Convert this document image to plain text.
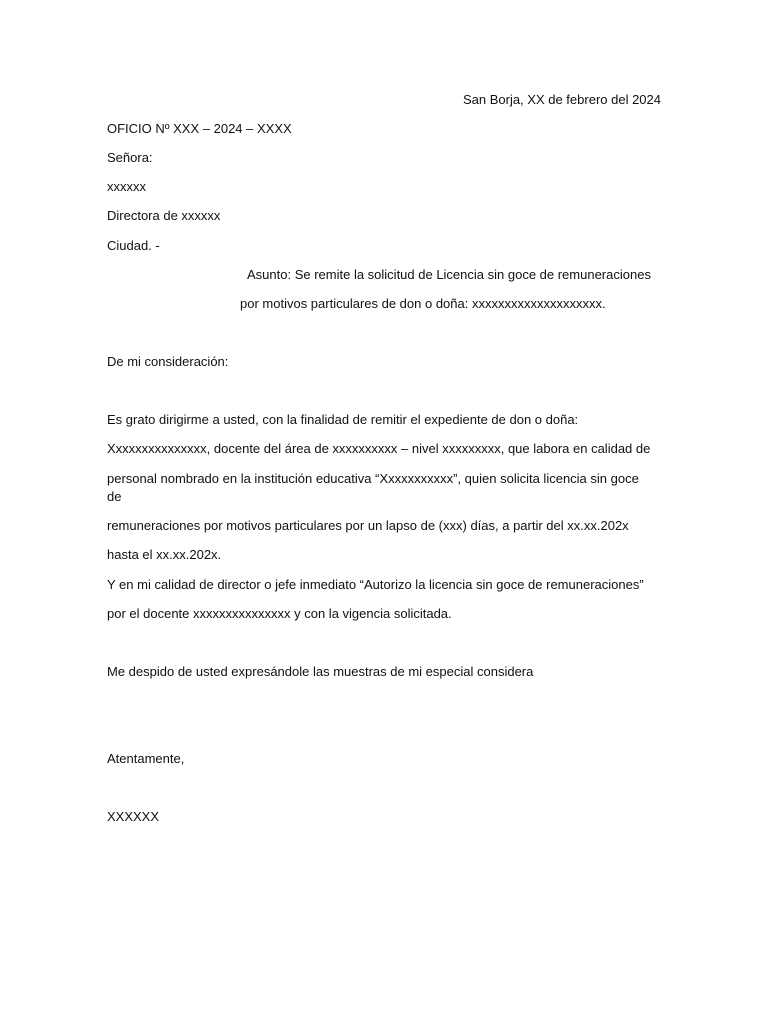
San Borja, XX de febrero del 2024
OFICIO Nº XXX – 2024 – XXXX
Señora:
xxxxxx
Directora de xxxxxx
Ciudad. -
Asunto: Se remite la solicitud de Licencia sin goce de remuneraciones
por motivos particulares de don o doña: xxxxxxxxxxxxxxxxxxxx.
De mi consideración:
Es grato dirigirme a usted, con la finalidad de remitir el expediente de don o doña:
Xxxxxxxxxxxxxxx, docente del área de xxxxxxxxxx – nivel xxxxxxxxx, que labora en calidad de
personal nombrado en la institución educativa “Xxxxxxxxxxx”, quien solicita licencia sin goce
de
remuneraciones por motivos particulares por un lapso de (xxx) días, a partir del xx.xx.202x
hasta el xx.xx.202x.
Y en mi calidad de director o jefe inmediato “Autorizo la licencia sin goce de remuneraciones”
por el docente xxxxxxxxxxxxxxx y con la vigencia solicitada.
Me despido de usted expresándole las muestras de mi especial considera
Atentamente,
XXXXXX
